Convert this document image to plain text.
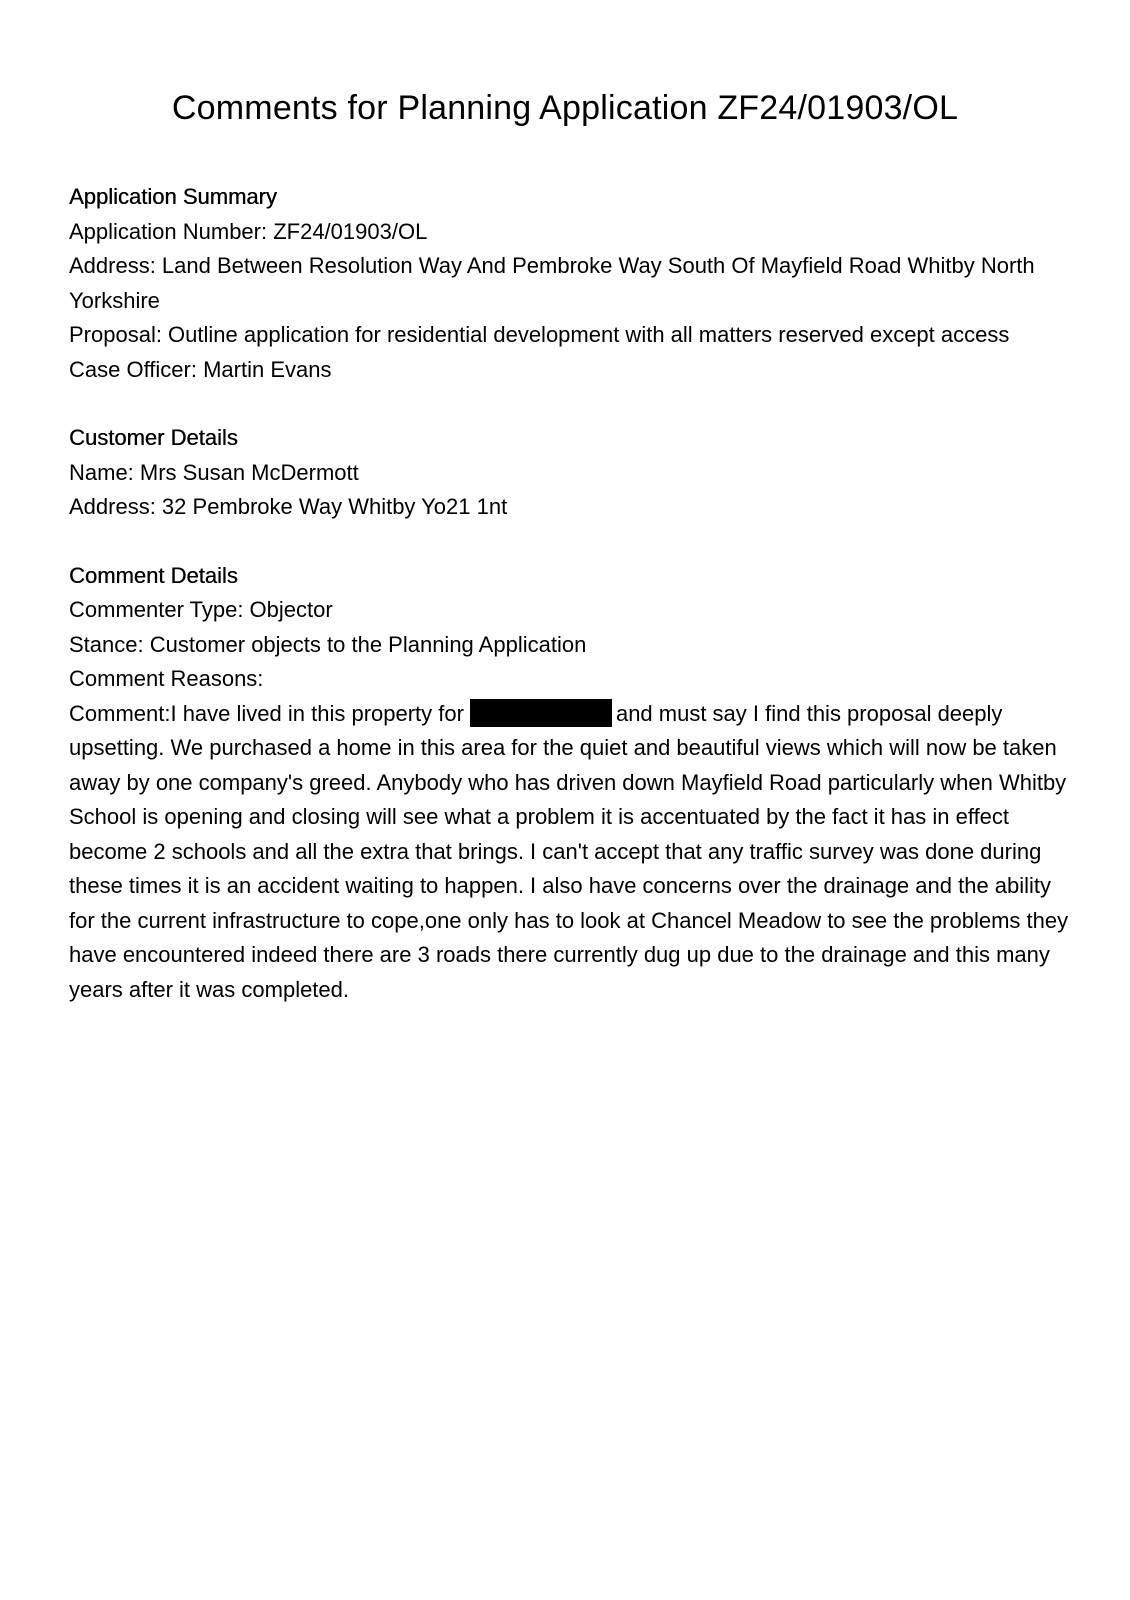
Comments for Planning Application ZF24/01903/OL

Application Summary

Application Number: ZF24/01903/OL

Address: Land Between Resolution Way And Pembroke Way South Of Mayfield Road Whitby North Yorkshire

Proposal: Outline application for residential development with all matters reserved except access

Case Officer: Martin Evans

Customer Details

Name: Mrs Susan McDermott

Address: 32 Pembroke Way Whitby Yo21 1nt

Comment Details

Commenter Type: Objector

Stance: Customer objects to the Planning Application

Comment Reasons:

Comment:I have lived in this property for	and must say I find this proposal deeply upsetting. We purchased a home in this area for the quiet and beautiful views which will now be taken away by one company's greed. Anybody who has driven down Mayfield Road particularly when Whitby School is opening and closing will see what a problem it is accentuated by the fact it has in effect become 2 schools and all the extra that brings. I can't accept that any traffic survey was done during these times it is an accident waiting to happen. I also have concerns over the drainage and the ability for the current infrastructure to cope,one only has to look at Chancel Meadow to see the problems they have encountered indeed there are 3 roads there currently dug up due to the drainage and this many years after it was completed.
